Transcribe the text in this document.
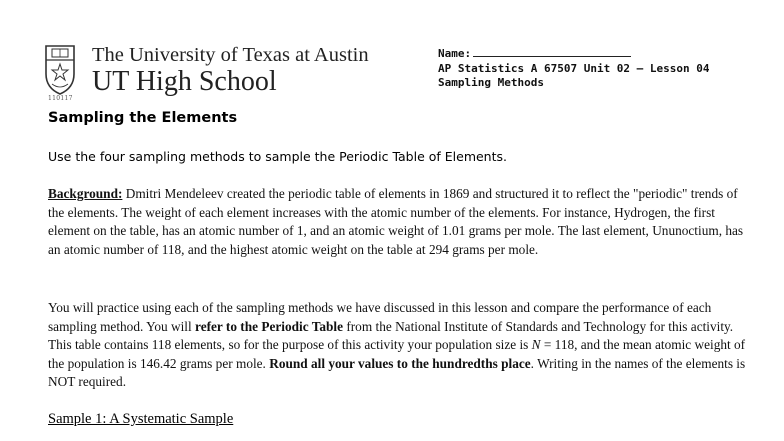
110117
The University of Texas at Austin
UT High School
Name:
AP Statistics A 67507 Unit 02 – Lesson 04
Sampling Methods
Sampling the Elements
Use the four sampling methods to sample the Periodic Table of Elements.
Background: Dmitri Mendeleev created the periodic table of elements in 1869 and structured it to reflect the "periodic" trends of the elements. The weight of each element increases with the atomic number of the elements. For instance, Hydrogen, the first element on the table, has an atomic number of 1, and an atomic weight of 1.01 grams per mole. The last element, Ununoctium, has an atomic number of 118, and the highest atomic weight on the table at 294 grams per mole.
You will practice using each of the sampling methods we have discussed in this lesson and compare the performance of each sampling method. You will refer to the Periodic Table from the National Institute of Standards and Technology for this activity. This table contains 118 elements, so for the purpose of this activity your population size is N = 118, and the mean atomic weight of the population is 146.42 grams per mole. Round all your values to the hundredths place. Writing in the names of the elements is NOT required.
Sample 1: A Systematic Sample
